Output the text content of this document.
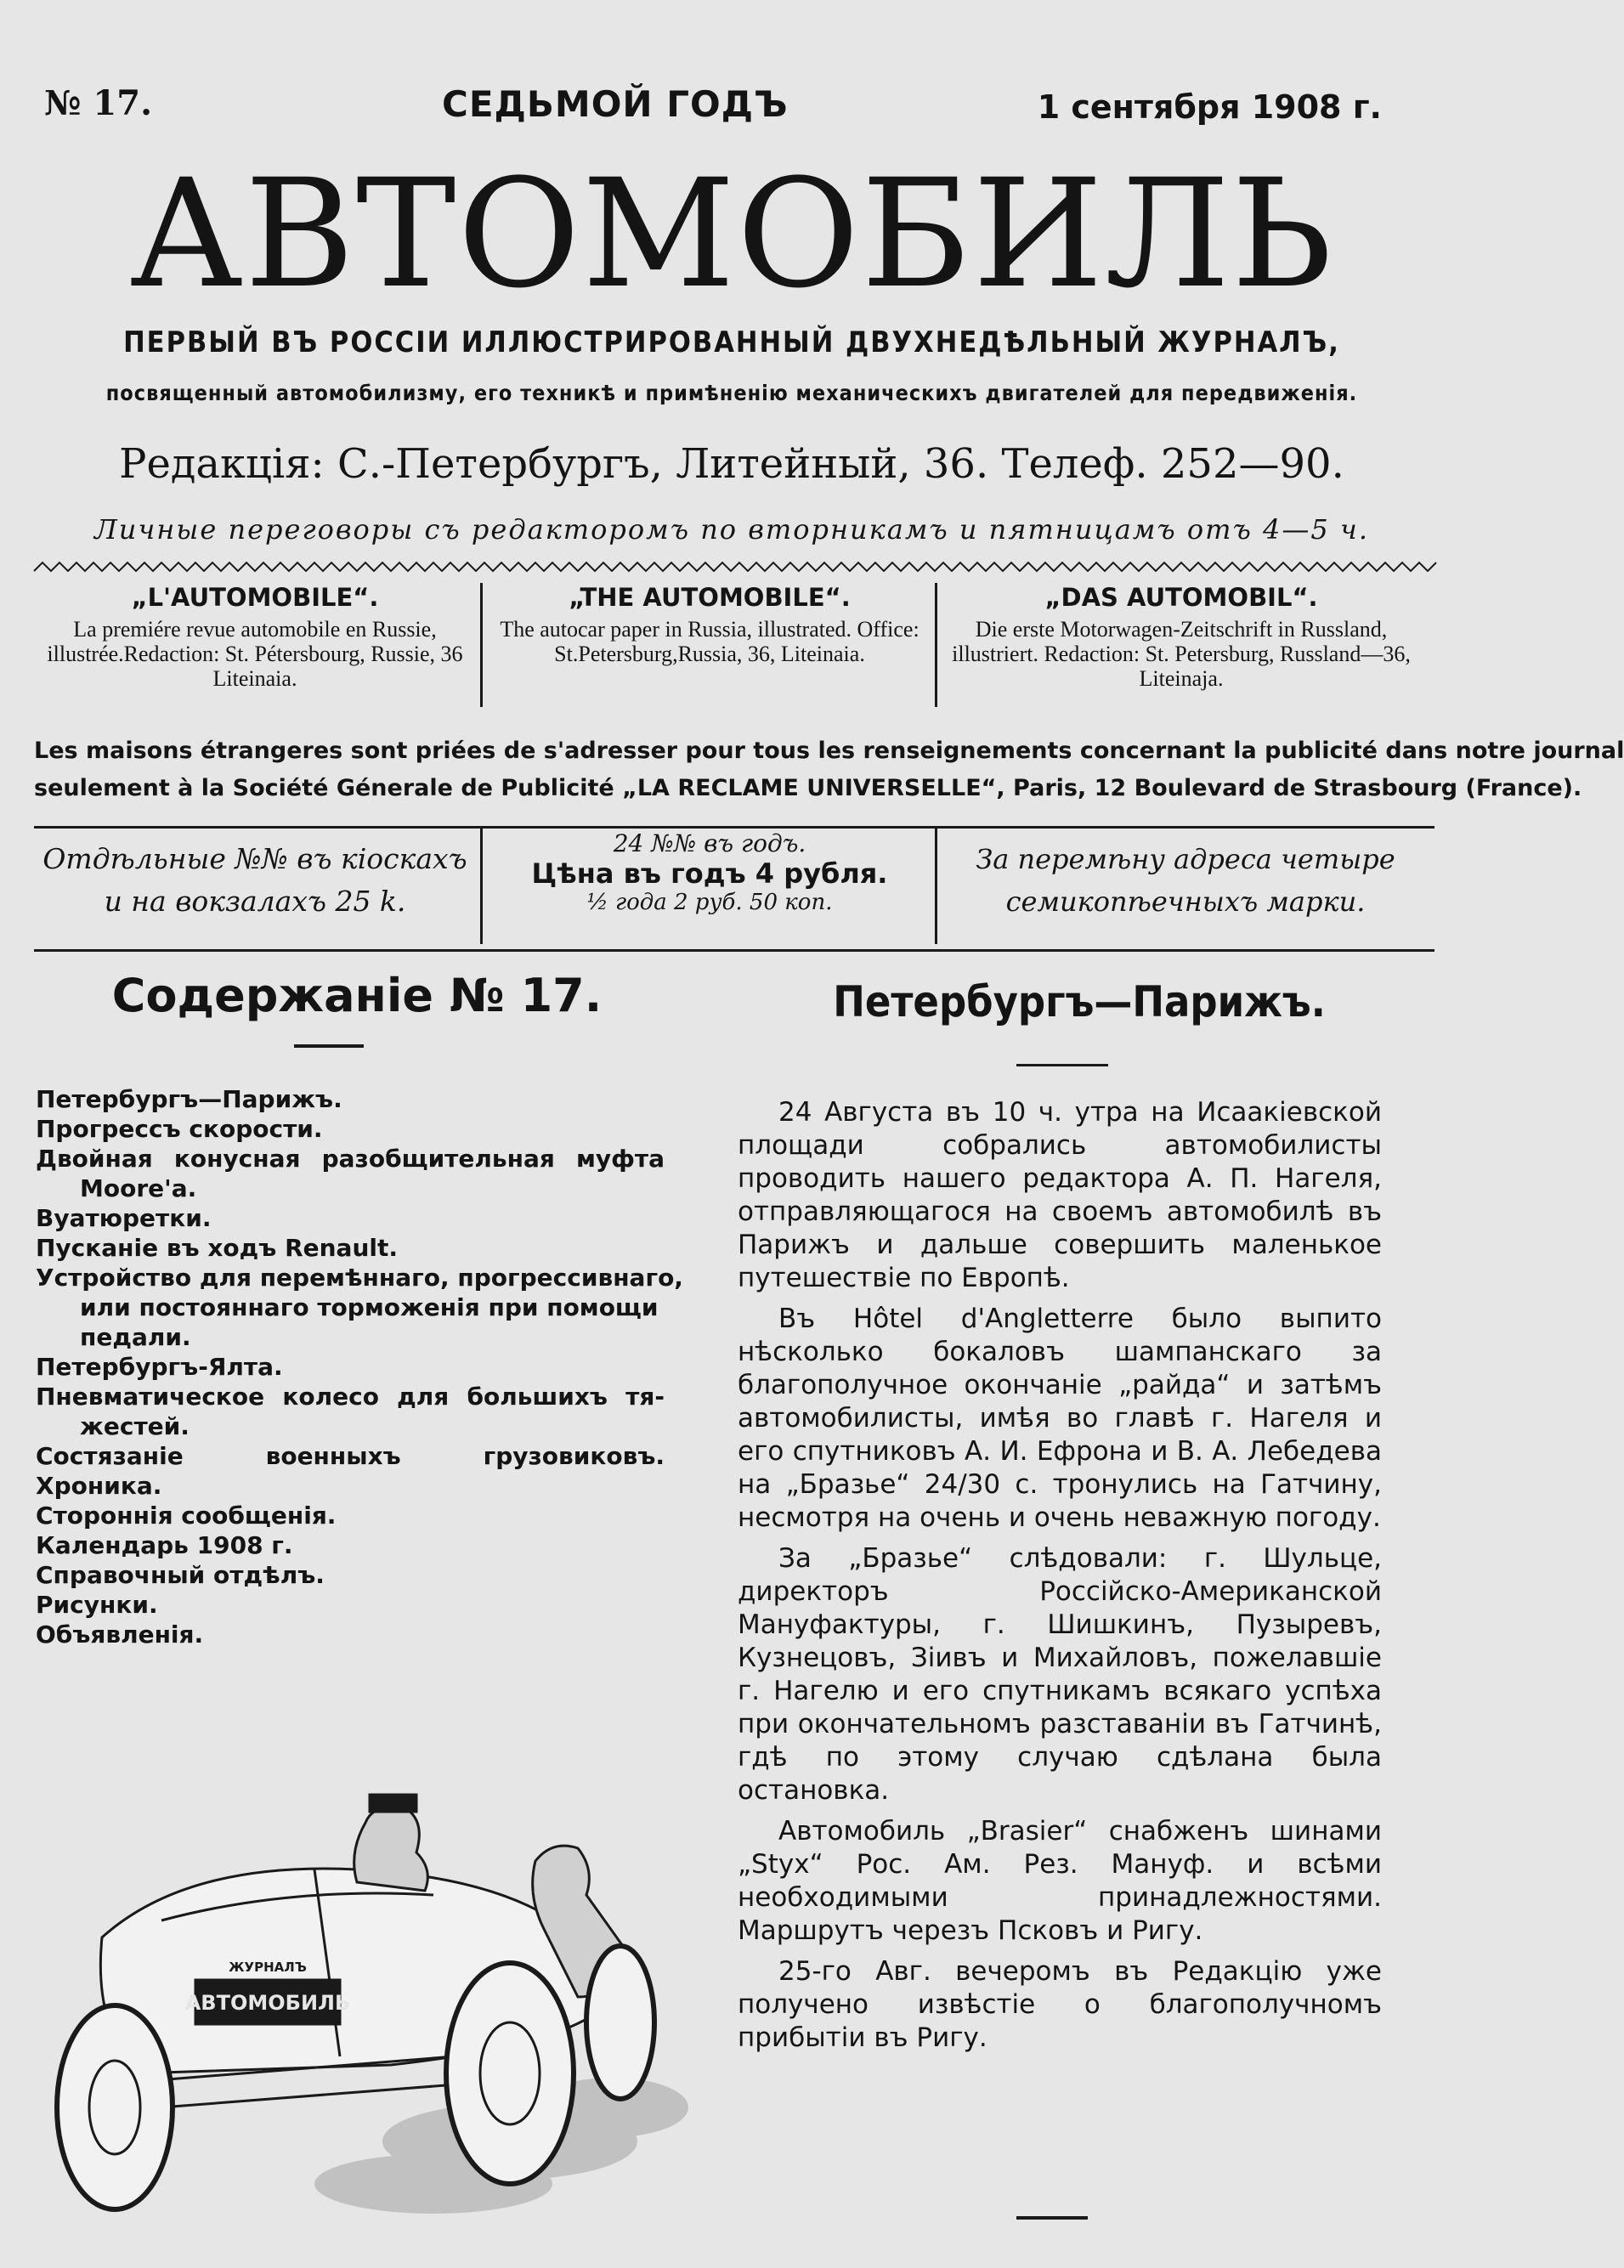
№ 17.	СЕДЬМОЙ ГОДЪ	1 сентября 1908 г.
АВТОМОБИЛЬ
ПЕРВЫЙ ВЪ РОССІИ ИЛЛЮСТРИРОВАННЫЙ ДВУХНЕДѢЛЬНЫЙ ЖУРНАЛЪ,
посвященный автомобилизму, его техникѣ и примѣненію механическихъ двигателей для передвиженія.
Редакція: С.-Петербургъ, Литейный, 36. Телеф. 252—90.
Личные переговоры съ редакторомъ по вторникамъ и пятницамъ отъ 4—5 ч.
„L'AUTOMOBILE“.
La premiére revue automobile en Russie, illustrée.Redaction: St. Pétersbourg, Russie, 36 Liteinaia.
„THE AUTOMOBILE“.
The autocar paper in Russia, illustrated. Office: St.Petersburg,Russia, 36, Liteinaia.
„DAS AUTOMOBIL“.
Die erste Motorwagen-Zeitschrift in Russland, illustriert. Redaction: St. Petersburg, Russland—36, Liteinaja.
Les maisons étrangeres sont priées de s'adresser pour tous les renseignements concernant la publicité dans notre journal
seulement à la Société Génerale de Publicité „LA RECLAME UNIVERSELLE“, Paris, 12 Boulevard de Strasbourg (France).
Отдѣльные №№ въ кіоскахъ
и на вокзалахъ 25 k.
24 №№ въ годъ.
Цѣна въ годъ 4 рубля.
½ года 2 руб. 50 коп.
За перемѣну адреса четыре
семикопѣечныхъ марки.
Содержаніе № 17.
Петербургъ—Парижъ.
Прогрессъ скорости.
Двойная конусная разобщительная муфта
Moore'a.
Вуатюретки.
Пусканіе въ ходъ Renault.
Устройство для перемѣннаго, прогрессивнаго,
или постояннаго торможенія при помощи
педали.
Петербургъ-Ялта.
Пневматическое колесо для большихъ тя-
жестей.
Состязаніе военныхъ грузовиковъ.
Хроника.
Стороннія сообщенія.
Календарь 1908 г.
Справочный отдѣлъ.
Рисунки.
Объявленія.
ЖУРНАЛЪ
АВТОМОБИЛЬ
Петербургъ—Парижъ.

24 Августа въ 10 ч. утра на Исаакіевской площади собрались автомобилисты проводить нашего редактора А. П. Нагеля, отправляющагося на своемъ автомобилѣ въ Парижъ и дальше совершить маленькое путешествіе по Европѣ.

Въ Hôtel d'Angletterre было выпито нѣсколько бокаловъ шампанскаго за благополучное окончаніе „райда“ и затѣмъ автомобилисты, имѣя во главѣ г. Нагеля и его спутниковъ А. И. Ефрона и В. А. Лебедева на „Бразье“ 24/30 с. тронулись на Гатчину, несмотря на очень и очень неважную погоду.

За „Бразье“ слѣдовали: г. Шульце, директоръ Россійско-Американской Мануфактуры, г. Шишкинъ, Пузыревъ, Кузнецовъ, Зіивъ и Михайловъ, пожелавшіе г. Нагелю и его спутникамъ всякаго успѣха при окончательномъ разставаніи въ Гатчинѣ, гдѣ по этому случаю сдѣлана была остановка.

Автомобиль „Brasier“ снабженъ шинами „Styx“ Рос. Ам. Рез. Мануф. и всѣми необходимыми принадлежностями. Маршрутъ черезъ Псковъ и Ригу.

25-го Авг. вечеромъ въ Редакцію уже получено извѣстіе о благополучномъ прибытіи въ Ригу.
